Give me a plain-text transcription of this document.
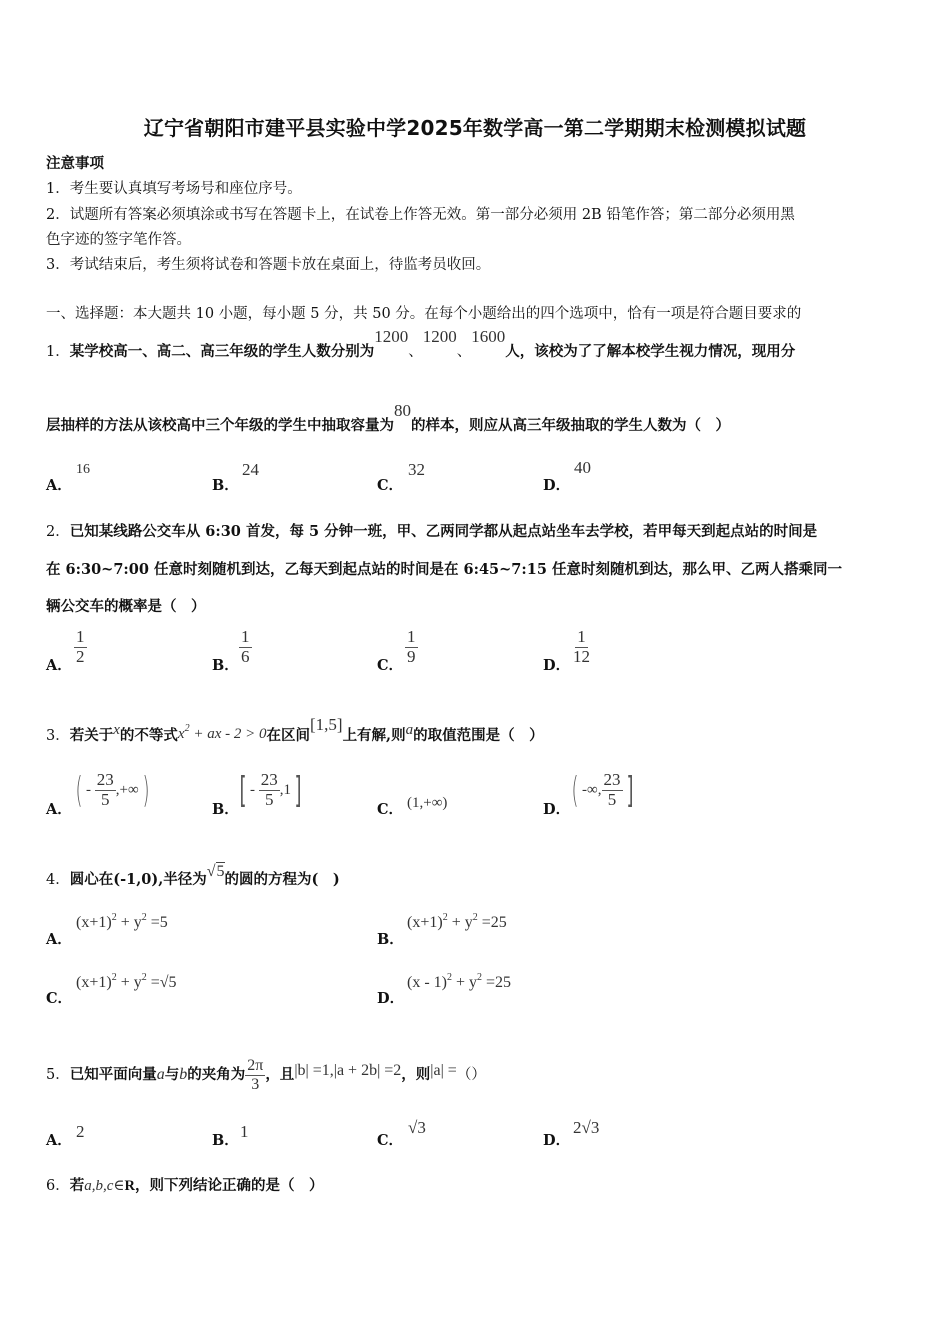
辽宁省朝阳市建平县实验中学2025年数学高一第二学期期末检测模拟试题
注意事项
1．考生要认真填写考场号和座位序号。
2．试题所有答案必须填涂或书写在答题卡上，在试卷上作答无效。第一部分必须用 2B 铅笔作答；第二部分必须用黑
色字迹的签字笔作答。
3．考试结束后，考生须将试卷和答题卡放在桌面上，待监考员收回。
一、选择题：本大题共 10 小题，每小题 5 分，共 50 分。在每个小题给出的四个选项中，恰有一项是符合题目要求的
1．某学校高一、高二、高三年级的学生人数分别为1200、1200、1600人，该校为了了解本校学生视力情况，现用分
层抽样的方法从该校高中三个年级的学生中抽取容量为80的样本，则应从高三年级抽取的学生人数为（　）
A．
16
B．
24
C．
32
D．
40
2．已知某线路公交车从 6:30 首发，每 5 分钟一班，甲、乙两同学都从起点站坐车去学校，若甲每天到起点站的时间是
在 6:30~7:00 任意时刻随机到达，乙每天到起点站的时间是在 6:45~7:15 任意时刻随机到达，那么甲、乙两人搭乘同一
辆公交车的概率是（　）
A． $\frac{1}{2}$	B． $\frac{1}{6}$	C． $\frac{1}{9}$	D． $\frac{1}{12}$
3．若关于x的不等式$x^2$ + ax - 2 > 0在区间[1,5]上有解,则a的取值范围是（　）
A． ( - $\frac{23}{5}$ ,+∞)	B． [ - $\frac{23}{5} ,1$]	C． (1,+∞)	D． ( -∞, $\frac{23}{5}$ ]
4．圆心在(-1,0),半径为√5的圆的方程为(　)
A．
$(x+1)^2 + y^2 =5$
B．
$(x+1)^2 + y^2 =25$
C．
$(x+1)^2 + y^2 =√5$
D．
$(x - 1)^2 + y^2 =25$
5．已知平面向量a与b的夹角为 $\frac{2\pi}{3}$ ，且|b| =1,|a + 2b| =2，则|a| =（）
A． 2	B． 1	C．
√3
D．
2√3
6．若a,b,c∈R，则下列结论正确的是（　）
